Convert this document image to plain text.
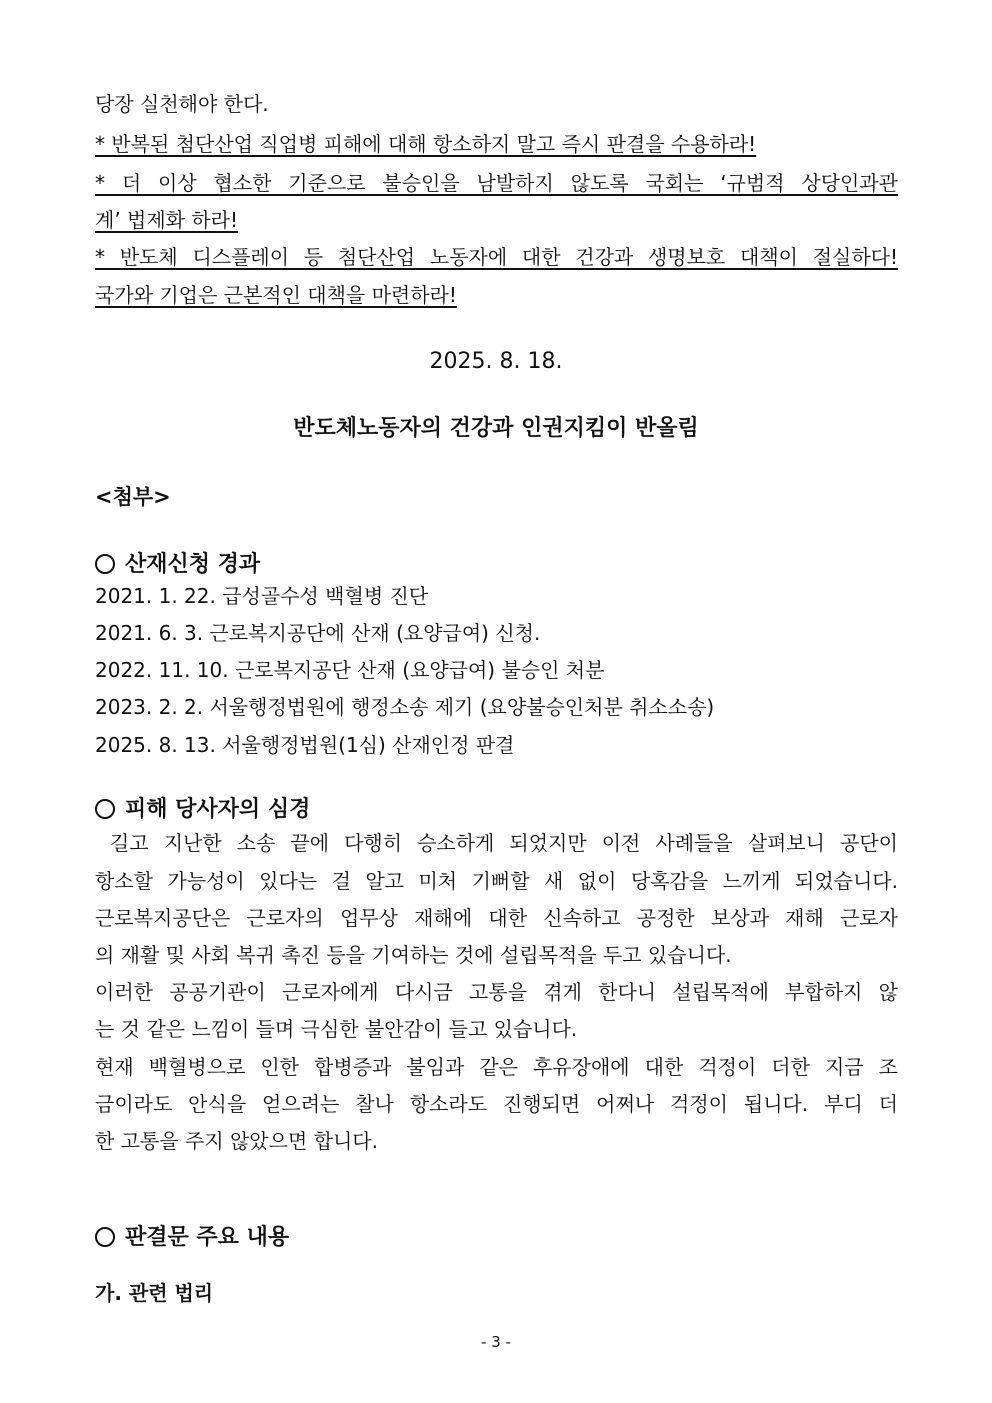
당장 실천해야 한다.
* 반복된 첨단산업 직업병 피해에 대해 항소하지 말고 즉시 판결을 수용하라!
* 더 이상 협소한 기준으로 불승인을 남발하지 않도록 국회는 ‘규범적 상당인과관
계’ 법제화 하라!
* 반도체 디스플레이 등 첨단산업 노동자에 대한 건강과 생명보호 대책이 절실하다!
국가와 기업은 근본적인 대책을 마련하라!
2025. 8. 18.
반도체노동자의 건강과 인권지킴이 반올림
<첨부>
산재신청 경과
2021. 1. 22. 급성골수성 백혈병 진단
2021. 6. 3. 근로복지공단에 산재 (요양급여) 신청.
2022. 11. 10. 근로복지공단 산재 (요양급여) 불승인 처분
2023. 2. 2. 서울행정법원에 행정소송 제기 (요양불승인처분 취소소송)
2025. 8. 13. 서울행정법원(1심) 산재인정 판결
피해 당사자의 심경
길고 지난한 소송 끝에 다행히 승소하게 되었지만 이전 사례들을 살펴보니 공단이
항소할 가능성이 있다는 걸 알고 미처 기뻐할 새 없이 당혹감을 느끼게 되었습니다.
근로복지공단은 근로자의 업무상 재해에 대한 신속하고 공정한 보상과 재해 근로자
의 재활 및 사회 복귀 촉진 등을 기여하는 것에 설립목적을 두고 있습니다.
이러한 공공기관이 근로자에게 다시금 고통을 겪게 한다니 설립목적에 부합하지 않
는 것 같은 느낌이 들며 극심한 불안감이 들고 있습니다.
현재 백혈병으로 인한 합병증과 불임과 같은 후유장애에 대한 걱정이 더한 지금 조
금이라도 안식을 얻으려는 찰나 항소라도 진행되면 어쩌나 걱정이 됩니다. 부디 더
한 고통을 주지 않았으면 합니다.
판결문 주요 내용
가. 관련 법리
- 3 -
